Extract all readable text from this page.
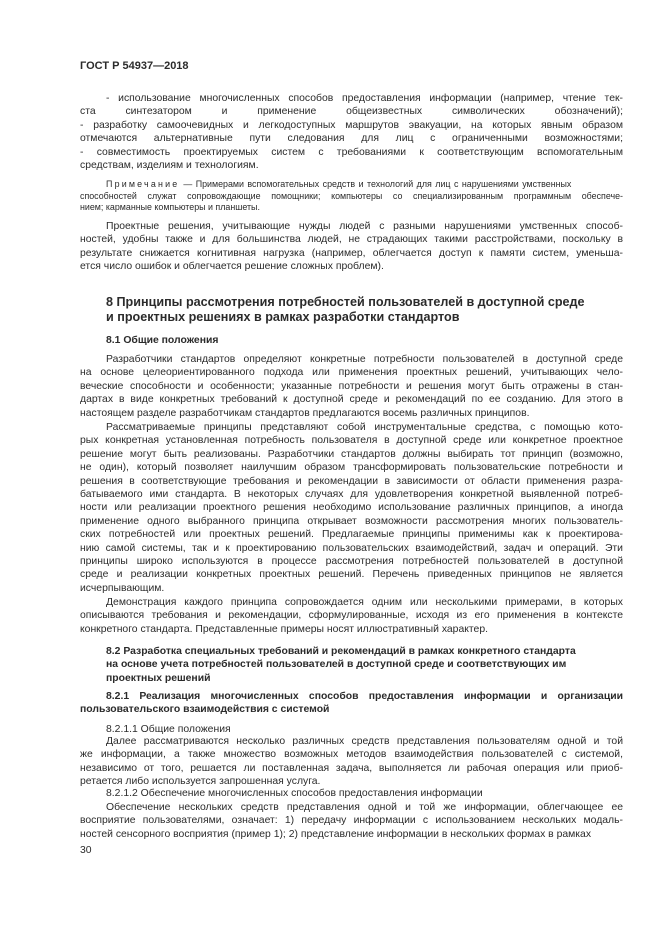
ГОСТ Р 54937—2018
- использование многочисленных способов предоставления информации (например, чтение тек-
ста синтезатором и применение общеизвестных символических обозначений);
- разработку самоочевидных и легкодоступных маршрутов эвакуации, на которых явным образом
отмечаются альтернативные пути следования для лиц с ограниченными возможностями;
- совместимость проектируемых систем с требованиями к соответствующим вспомогательным
средствам, изделиям и технологиям.
Примечание — Примерами вспомогательных средств и технологий для лиц с нарушениями умственных
способностей служат сопровождающие помощники; компьютеры со специализированным программным обеспече-
нием; карманные компьютеры и планшеты.
Проектные решения, учитывающие нужды людей с разными нарушениями умственных способ-
ностей, удобны также и для большинства людей, не страдающих такими расстройствами, поскольку в
результате снижается когнитивная нагрузка (например, облегчается доступ к памяти систем, уменьша-
ется число ошибок и облегчается решение сложных проблем).
8 Принципы рассмотрения потребностей пользователей в доступной среде
и проектных решениях в рамках разработки стандартов
8.1 Общие положения
Разработчики стандартов определяют конкретные потребности пользователей в доступной среде
на основе целеориентированного подхода или применения проектных решений, учитывающих чело-
веческие способности и особенности; указанные потребности и решения могут быть отражены в стан-
дартах в виде конкретных требований к доступной среде и рекомендаций по ее созданию. Для этого в
настоящем разделе разработчикам стандартов предлагаются восемь различных принципов.
Рассматриваемые принципы представляют собой инструментальные средства, с помощью кото-
рых конкретная установленная потребность пользователя в доступной среде или конкретное проектное
решение могут быть реализованы. Разработчики стандартов должны выбирать тот принцип (возможно,
не один), который позволяет наилучшим образом трансформировать пользовательские потребности и
решения в соответствующие требования и рекомендации в зависимости от области применения разра-
батываемого ими стандарта. В некоторых случаях для удовлетворения конкретной выявленной потреб-
ности или реализации проектного решения необходимо использование различных принципов, а иногда
применение одного выбранного принципа открывает возможности рассмотрения многих пользователь-
ских потребностей или проектных решений. Предлагаемые принципы применимы как к проектирова-
нию самой системы, так и к проектированию пользовательских взаимодействий, задач и операций. Эти
принципы широко используются в процессе рассмотрения потребностей пользователей в доступной
среде и реализации конкретных проектных решений. Перечень приведенных принципов не является
исчерпывающим.
Демонстрация каждого принципа сопровождается одним или несколькими примерами, в которых
описываются требования и рекомендации, сформулированные, исходя из его применения в контексте
конкретного стандарта. Представленные примеры носят иллюстративный характер.
8.2 Разработка специальных требований и рекомендаций в рамках конкретного стандарта
на основе учета потребностей пользователей в доступной среде и соответствующих им
проектных решений
8.2.1 Реализация многочисленных способов предоставления информации и организации
пользовательского взаимодействия с системой
8.2.1.1 Общие положения
Далее рассматриваются несколько различных средств представления пользователям одной и той
же информации, а также множество возможных методов взаимодействия пользователей с системой,
независимо от того, решается ли поставленная задача, выполняется ли рабочая операция или приоб-
ретается либо используется запрошенная услуга.
8.2.1.2 Обеспечение многочисленных способов предоставления информации
Обеспечение нескольких средств представления одной и той же информации, облегчающее ее
восприятие пользователями, означает: 1) передачу информации с использованием нескольких модаль-
ностей сенсорного восприятия (пример 1); 2) представление информации в нескольких формах в рамках
30
